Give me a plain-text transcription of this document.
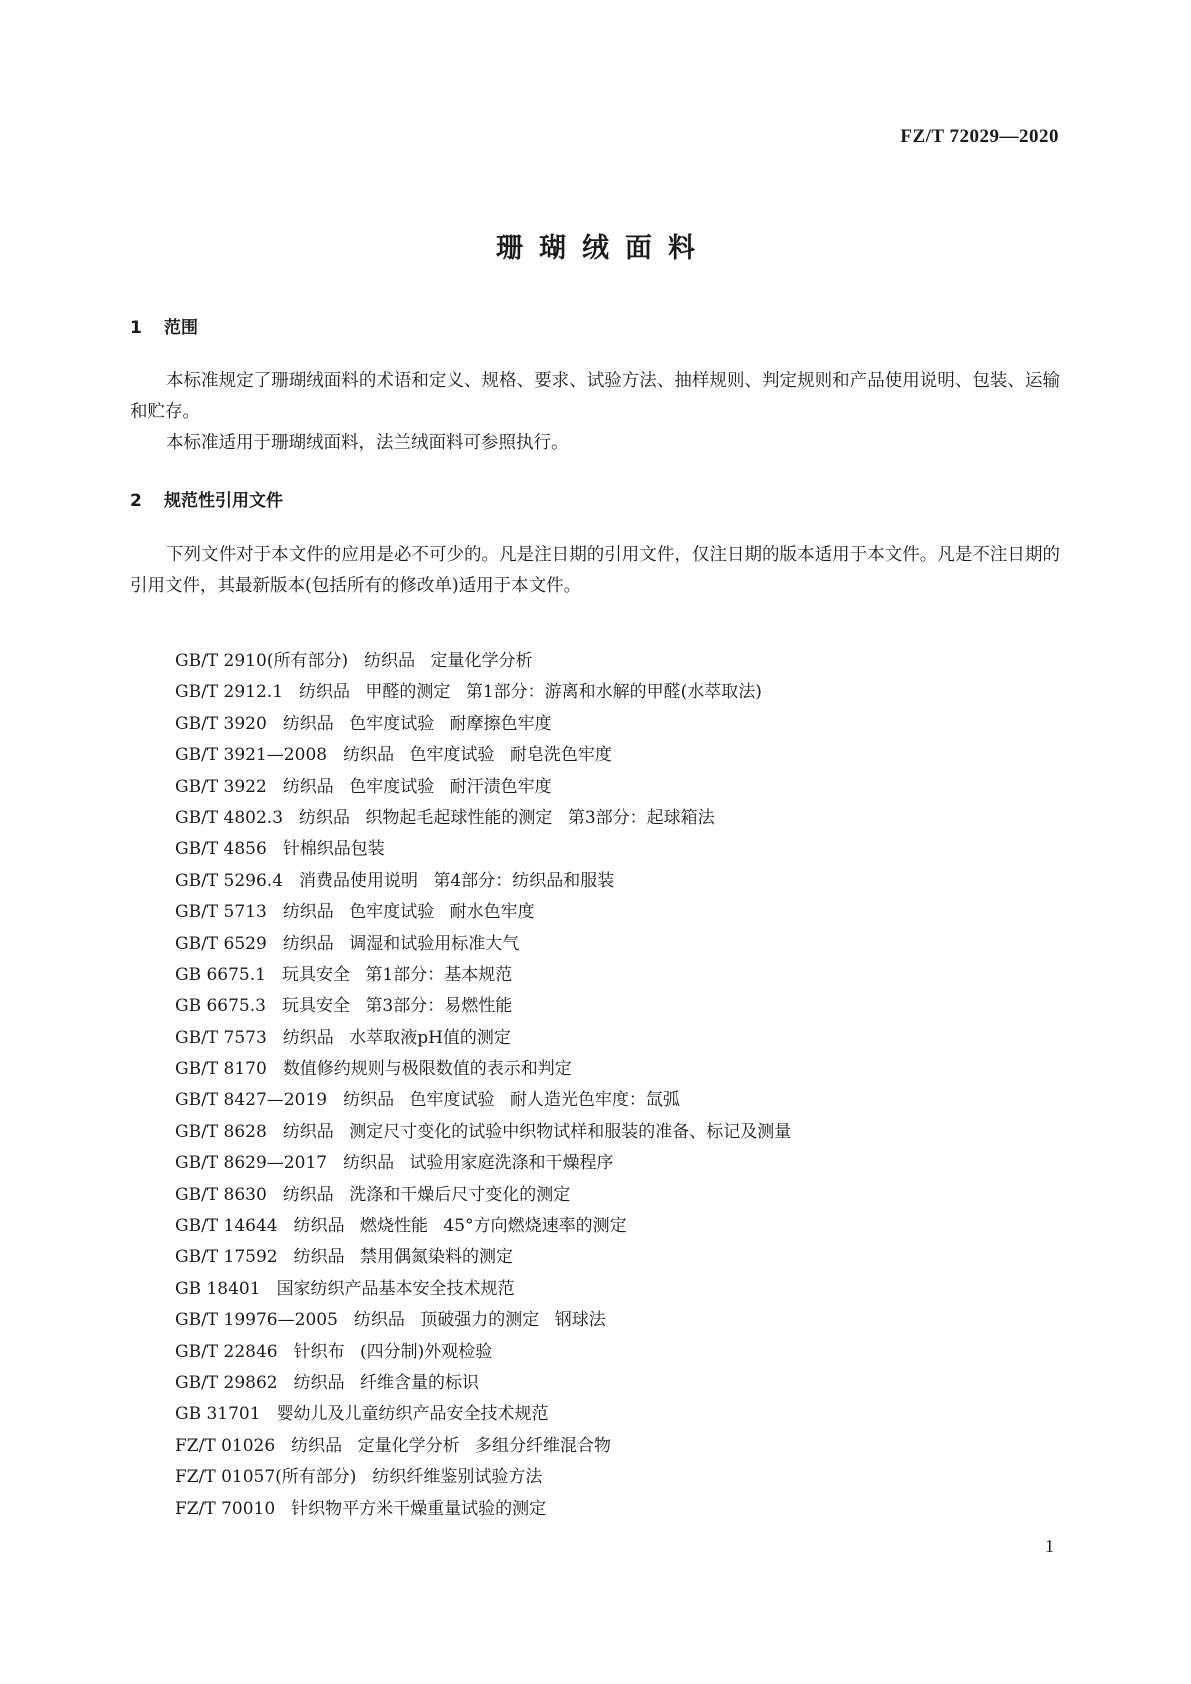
FZ/T 72029—2020
珊瑚绒面料
1 范围

本标准规定了珊瑚绒面料的术语和定义、规格、要求、试验方法、抽样规则、判定规则和产品使用说明、包装、运输和贮存。

本标准适用于珊瑚绒面料，法兰绒面料可参照执行。

2 规范性引用文件

下列文件对于本文件的应用是必不可少的。凡是注日期的引用文件，仅注日期的版本适用于本文件。凡是不注日期的引用文件，其最新版本(包括所有的修改单)适用于本文件。

GB/T 2910(所有部分) 纺织品 定量化学分析
GB/T 2912.1 纺织品 甲醛的测定 第1部分：游离和水解的甲醛(水萃取法)
GB/T 3920 纺织品 色牢度试验 耐摩擦色牢度
GB/T 3921—2008 纺织品 色牢度试验 耐皂洗色牢度
GB/T 3922 纺织品 色牢度试验 耐汗渍色牢度
GB/T 4802.3 纺织品 织物起毛起球性能的测定 第3部分：起球箱法
GB/T 4856 针棉织品包装
GB/T 5296.4 消费品使用说明 第4部分：纺织品和服装
GB/T 5713 纺织品 色牢度试验 耐水色牢度
GB/T 6529 纺织品 调湿和试验用标准大气
GB 6675.1 玩具安全 第1部分：基本规范
GB 6675.3 玩具安全 第3部分：易燃性能
GB/T 7573 纺织品 水萃取液pH值的测定
GB/T 8170 数值修约规则与极限数值的表示和判定
GB/T 8427—2019 纺织品 色牢度试验 耐人造光色牢度：氙弧
GB/T 8628 纺织品 测定尺寸变化的试验中织物试样和服装的准备、标记及测量
GB/T 8629—2017 纺织品 试验用家庭洗涤和干燥程序
GB/T 8630 纺织品 洗涤和干燥后尺寸变化的测定
GB/T 14644 纺织品 燃烧性能 45°方向燃烧速率的测定
GB/T 17592 纺织品 禁用偶氮染料的测定
GB 18401 国家纺织产品基本安全技术规范
GB/T 19976—2005 纺织品 顶破强力的测定 钢球法
GB/T 22846 针织布 (四分制)外观检验
GB/T 29862 纺织品 纤维含量的标识
GB 31701 婴幼儿及儿童纺织产品安全技术规范
FZ/T 01026 纺织品 定量化学分析 多组分纤维混合物
FZ/T 01057(所有部分) 纺织纤维鉴别试验方法
FZ/T 70010 针织物平方米干燥重量试验的测定
1
